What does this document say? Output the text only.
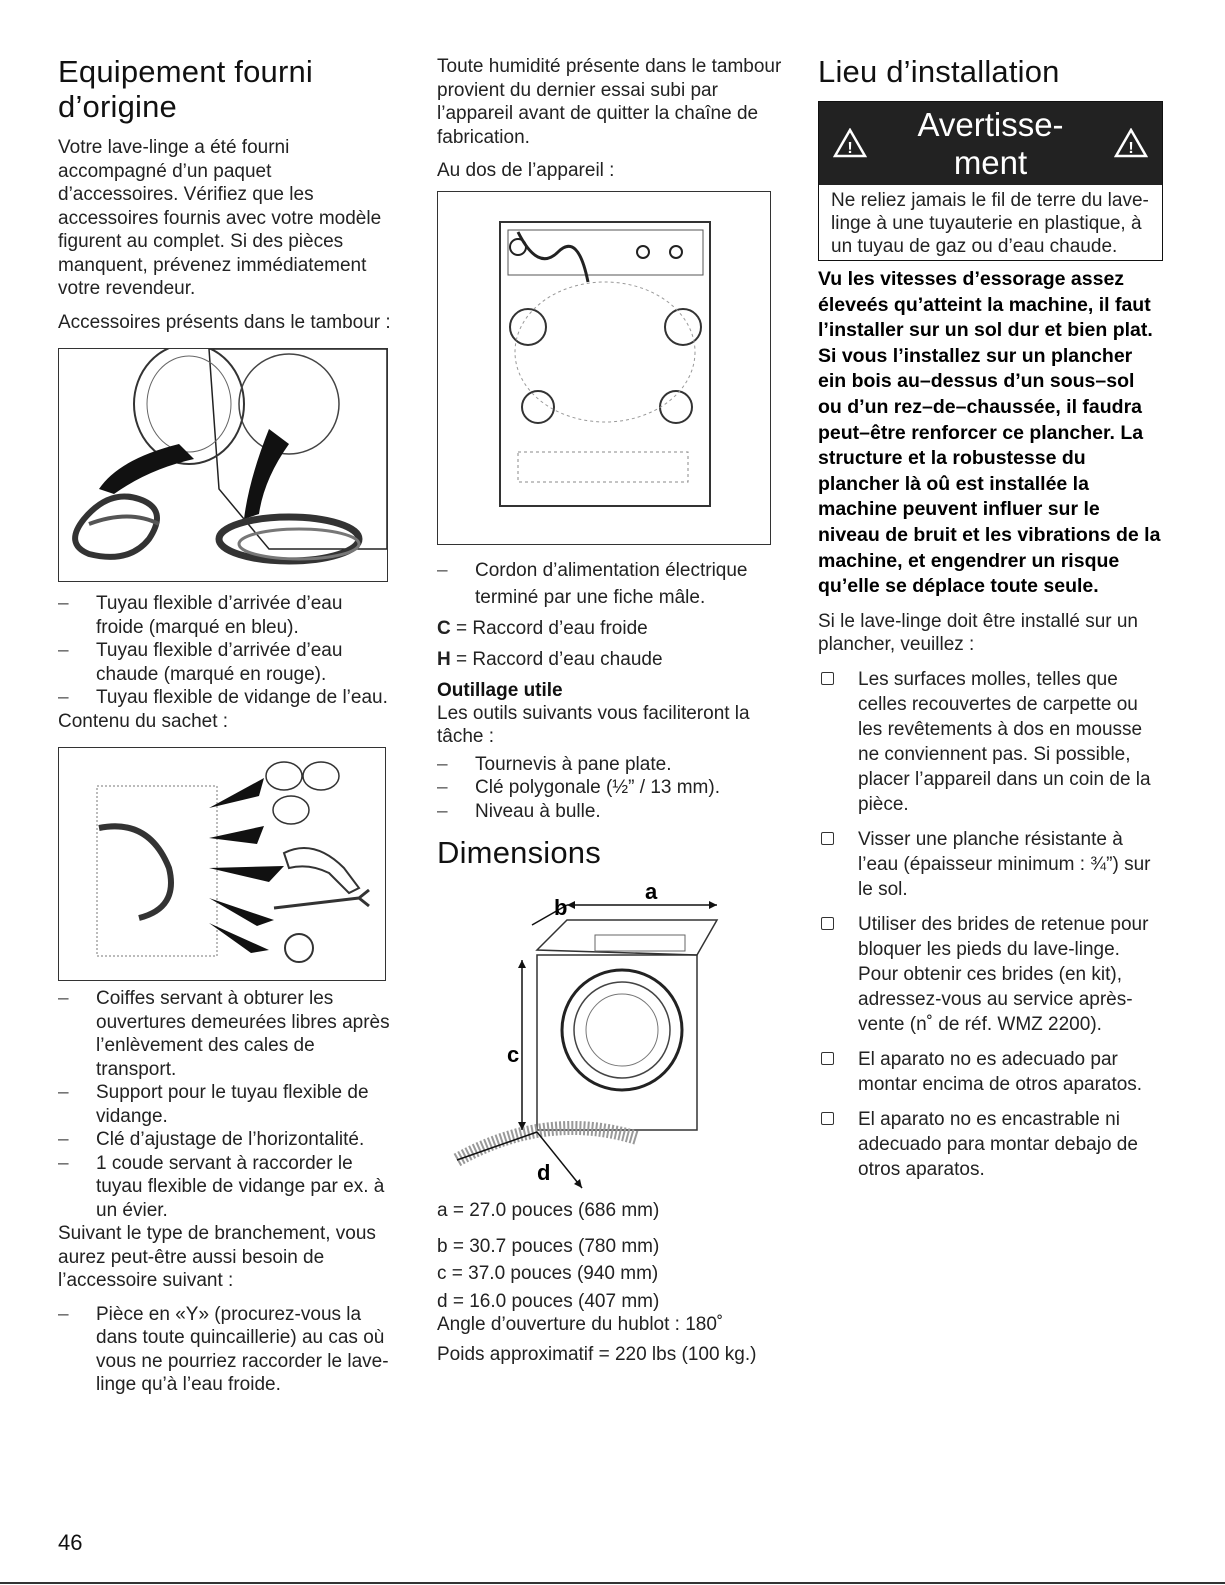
Equipement fourni d’origine

Votre lave-linge a été fourni accompagné d’un paquet d’accessoires. Vérifiez que les accessoires fournis avec votre modèle figurent au complet. Si des pièces manquent, prévenez immédiatement votre revendeur.

Accessoires présents dans le tambour :

– Tuyau flexible d’arrivée d’eau froide (marqué en bleu).
– Tuyau flexible d’arrivée d’eau chaude (marqué en rouge).
– Tuyau flexible de vidange de l’eau.

Contenu du sachet :

– Coiffes servant à obturer les ouvertures demeurées libres après l’enlèvement des cales de transport.
– Support pour le tuyau flexible de vidange.
– Clé d’ajustage de l’horizontalité.
– 1 coude servant à raccorder le tuyau flexible de vidange par ex. à un évier.

Suivant le type de branchement, vous aurez peut-être aussi besoin de l’accessoire suivant :

– Pièce en «Y» (procurez-vous la dans toute quincaillerie) au cas où vous ne pourriez raccorder le lave-linge qu’à l’eau froide.

Toute humidité présente dans le tambour provient du dernier essai subi par l’appareil avant de quitter la chaîne de fabrication.

Au dos de l’appareil :

– Cordon d’alimentation électrique terminé par une fiche mâle.

C = Raccord d’eau froide

H = Raccord d’eau chaude

Outillage utile

Les outils suivants vous faciliteront la tâche :

– Tournevis à pane plate.
– Clé polygonale (½” / 13 mm).
– Niveau à bulle.
Dimensions
a
b
c
d

a = 27.0 pouces (686 mm)

b = 30.7 pouces (780 mm)

c = 37.0 pouces (940 mm)

d = 16.0 pouces (407 mm)

Angle d’ouverture du hublot : 180˚

Poids approximatif = 220 lbs (100 kg.)

Lieu d’installation
!
Avertisse-ment	!
Ne reliez jamais le fil de terre du lave-linge à une tuyauterie en plastique, à un tuyau de gaz ou d’eau chaude.

Vu les vitesses d’essorage assez éleveés qu’atteint la machine, il faut l’installer sur un sol dur et bien plat. Si vous l’installez sur un plancher ein bois au–dessus d’un sous–sol ou d’un rez–de–chaussée, il faudra peut–être renforcer ce plancher. La structure et la robustesse du plancher là oû est installée la machine peuvent influer sur le niveau de bruit et les vibrations de la machine, et engendrer un risque qu’elle se déplace toute seule.

Si le lave-linge doit être installé sur un plancher, veuillez :

Les surfaces molles, telles que celles recouvertes de carpette ou les revêtements à dos en mousse ne conviennent pas. Si possible, placer l’appareil dans un coin de la pièce.
Visser une planche résistante à l’eau (épaisseur minimum : ¾”) sur le sol.
Utiliser des brides de retenue pour bloquer les pieds du lave-linge.
Pour obtenir ces brides (en kit), adressez-vous au service après-vente (n˚ de réf. WMZ 2200).
El aparato no es adecuado par montar encima de otros aparatos.
El aparato no es encastrable ni adecuado para montar debajo de otros aparatos.
46
